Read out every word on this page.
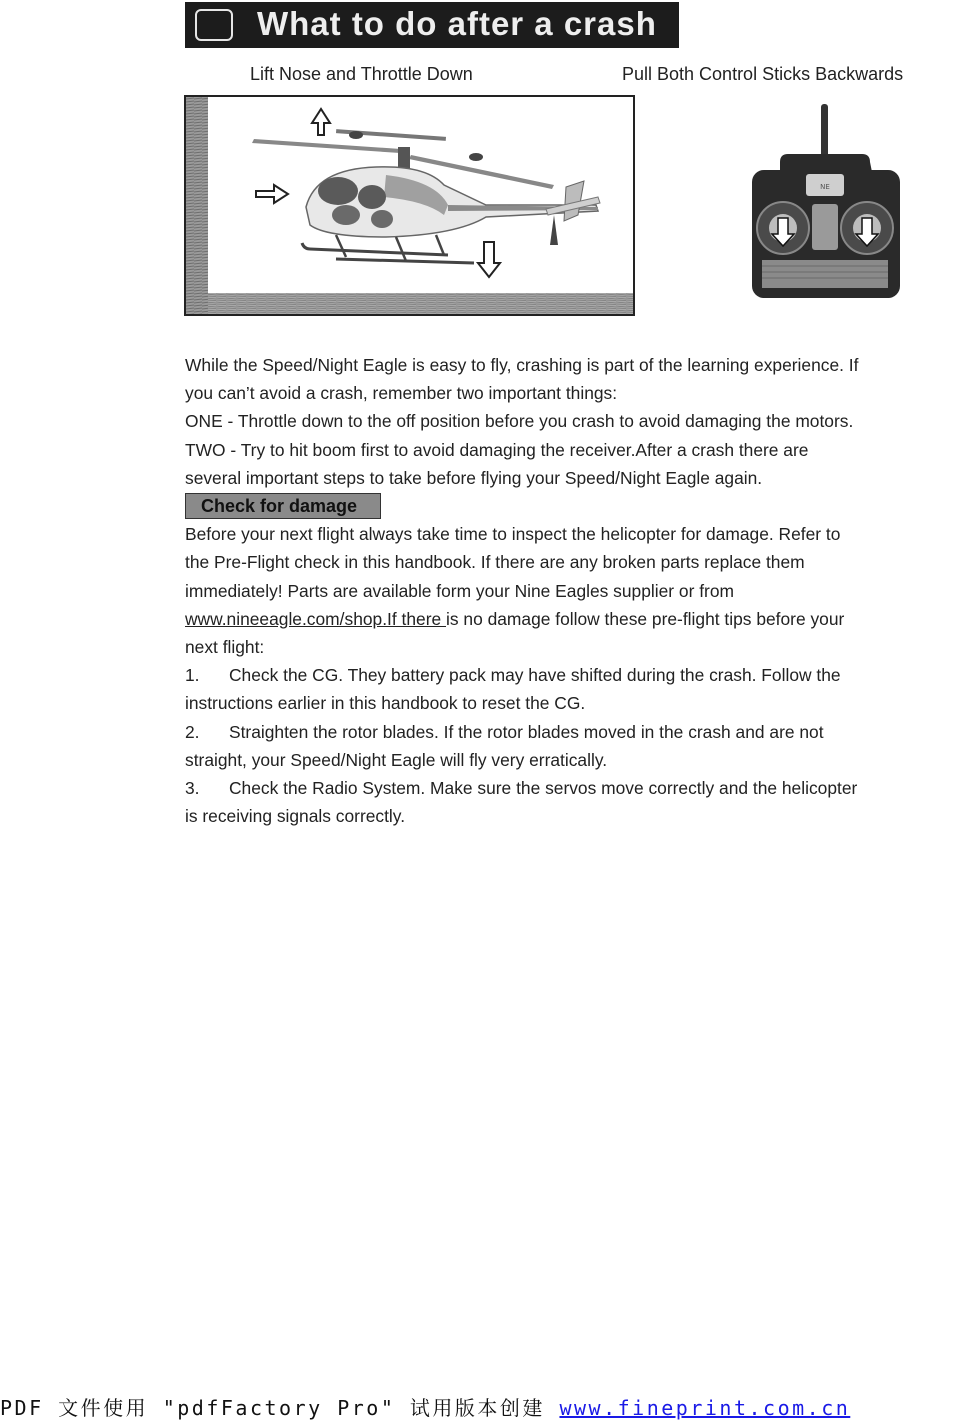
What to do after a crash
Lift Nose and Throttle Down	Pull Both Control Sticks Backwards
NE

While the Speed/Night Eagle is easy to fly, crashing is part of the learning experience. If

you can’t avoid a crash, remember two important things:

ONE - Throttle down to the off position before you crash to avoid damaging the motors.

TWO - Try to hit boom first to avoid damaging the receiver.After a crash there are

several important steps to take before flying your Speed/Night Eagle again.

Check for damage

Before your next flight always take time to inspect the helicopter for damage. Refer to

the Pre-Flight check in this handbook. If there are any broken parts replace them

immediately! Parts are available form your Nine Eagles supplier or from

www.nineeagle.com/shop.If there is no damage follow these pre-flight tips before your

next flight:

1. Check the CG. They battery pack may have shifted during the crash. Follow the

instructions earlier in this handbook to reset the CG.

2. Straighten the rotor blades. If the rotor blades moved in the crash and are not

straight, your Speed/Night Eagle will fly very erratically.

3. Check the Radio System. Make sure the servos move correctly and the helicopter

is receiving signals correctly.

PDF 文件使用 "pdfFactory Pro" 试用版本创建 www.fineprint.com.cn
